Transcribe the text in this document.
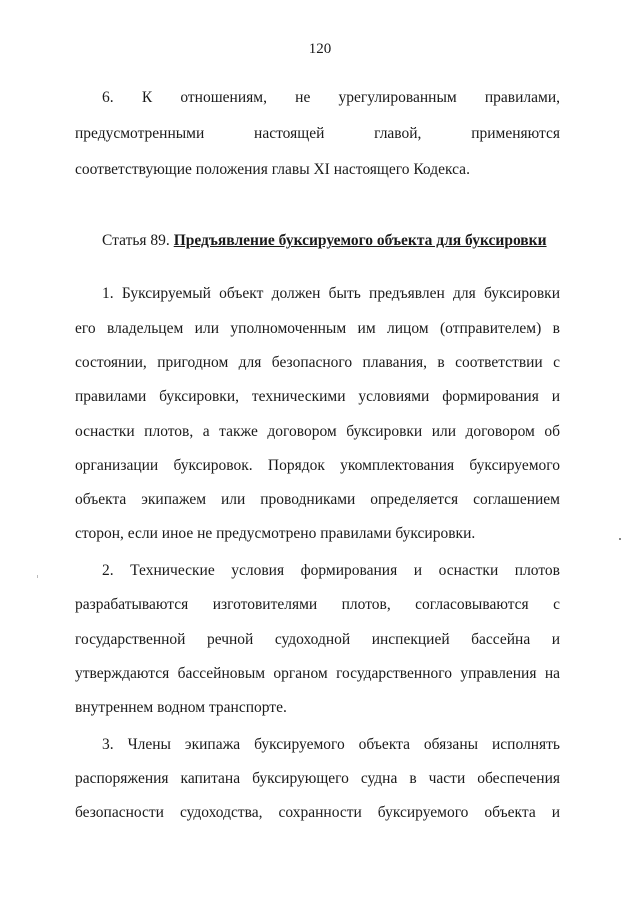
120
6. К отношениям, не урегулированным правилами,
предусмотренными настоящей главой, применяются
соответствующие положения главы XI настоящего Кодекса.
Статья 89. Предъявление буксируемого объекта для буксировки
1. Буксируемый объект должен быть предъявлен для буксировки
его владельцем или уполномоченным им лицом (отправителем) в
состоянии, пригодном для безопасного плавания, в соответствии с
правилами буксировки, техническими условиями формирования и
оснастки плотов, а также договором буксировки или договором об
организации буксировок. Порядок укомплектования буксируемого
объекта экипажем или проводниками определяется соглашением
сторон, если иное не предусмотрено правилами буксировки.
2. Технические условия формирования и оснастки плотов
разрабатываются изготовителями плотов, согласовываются с
государственной речной судоходной инспекцией бассейна и
утверждаются бассейновым органом государственного управления на
внутреннем водном транспорте.
3. Члены экипажа буксируемого объекта обязаны исполнять
распоряжения капитана буксирующего судна в части обеспечения
безопасности судоходства, сохранности буксируемого объекта и
